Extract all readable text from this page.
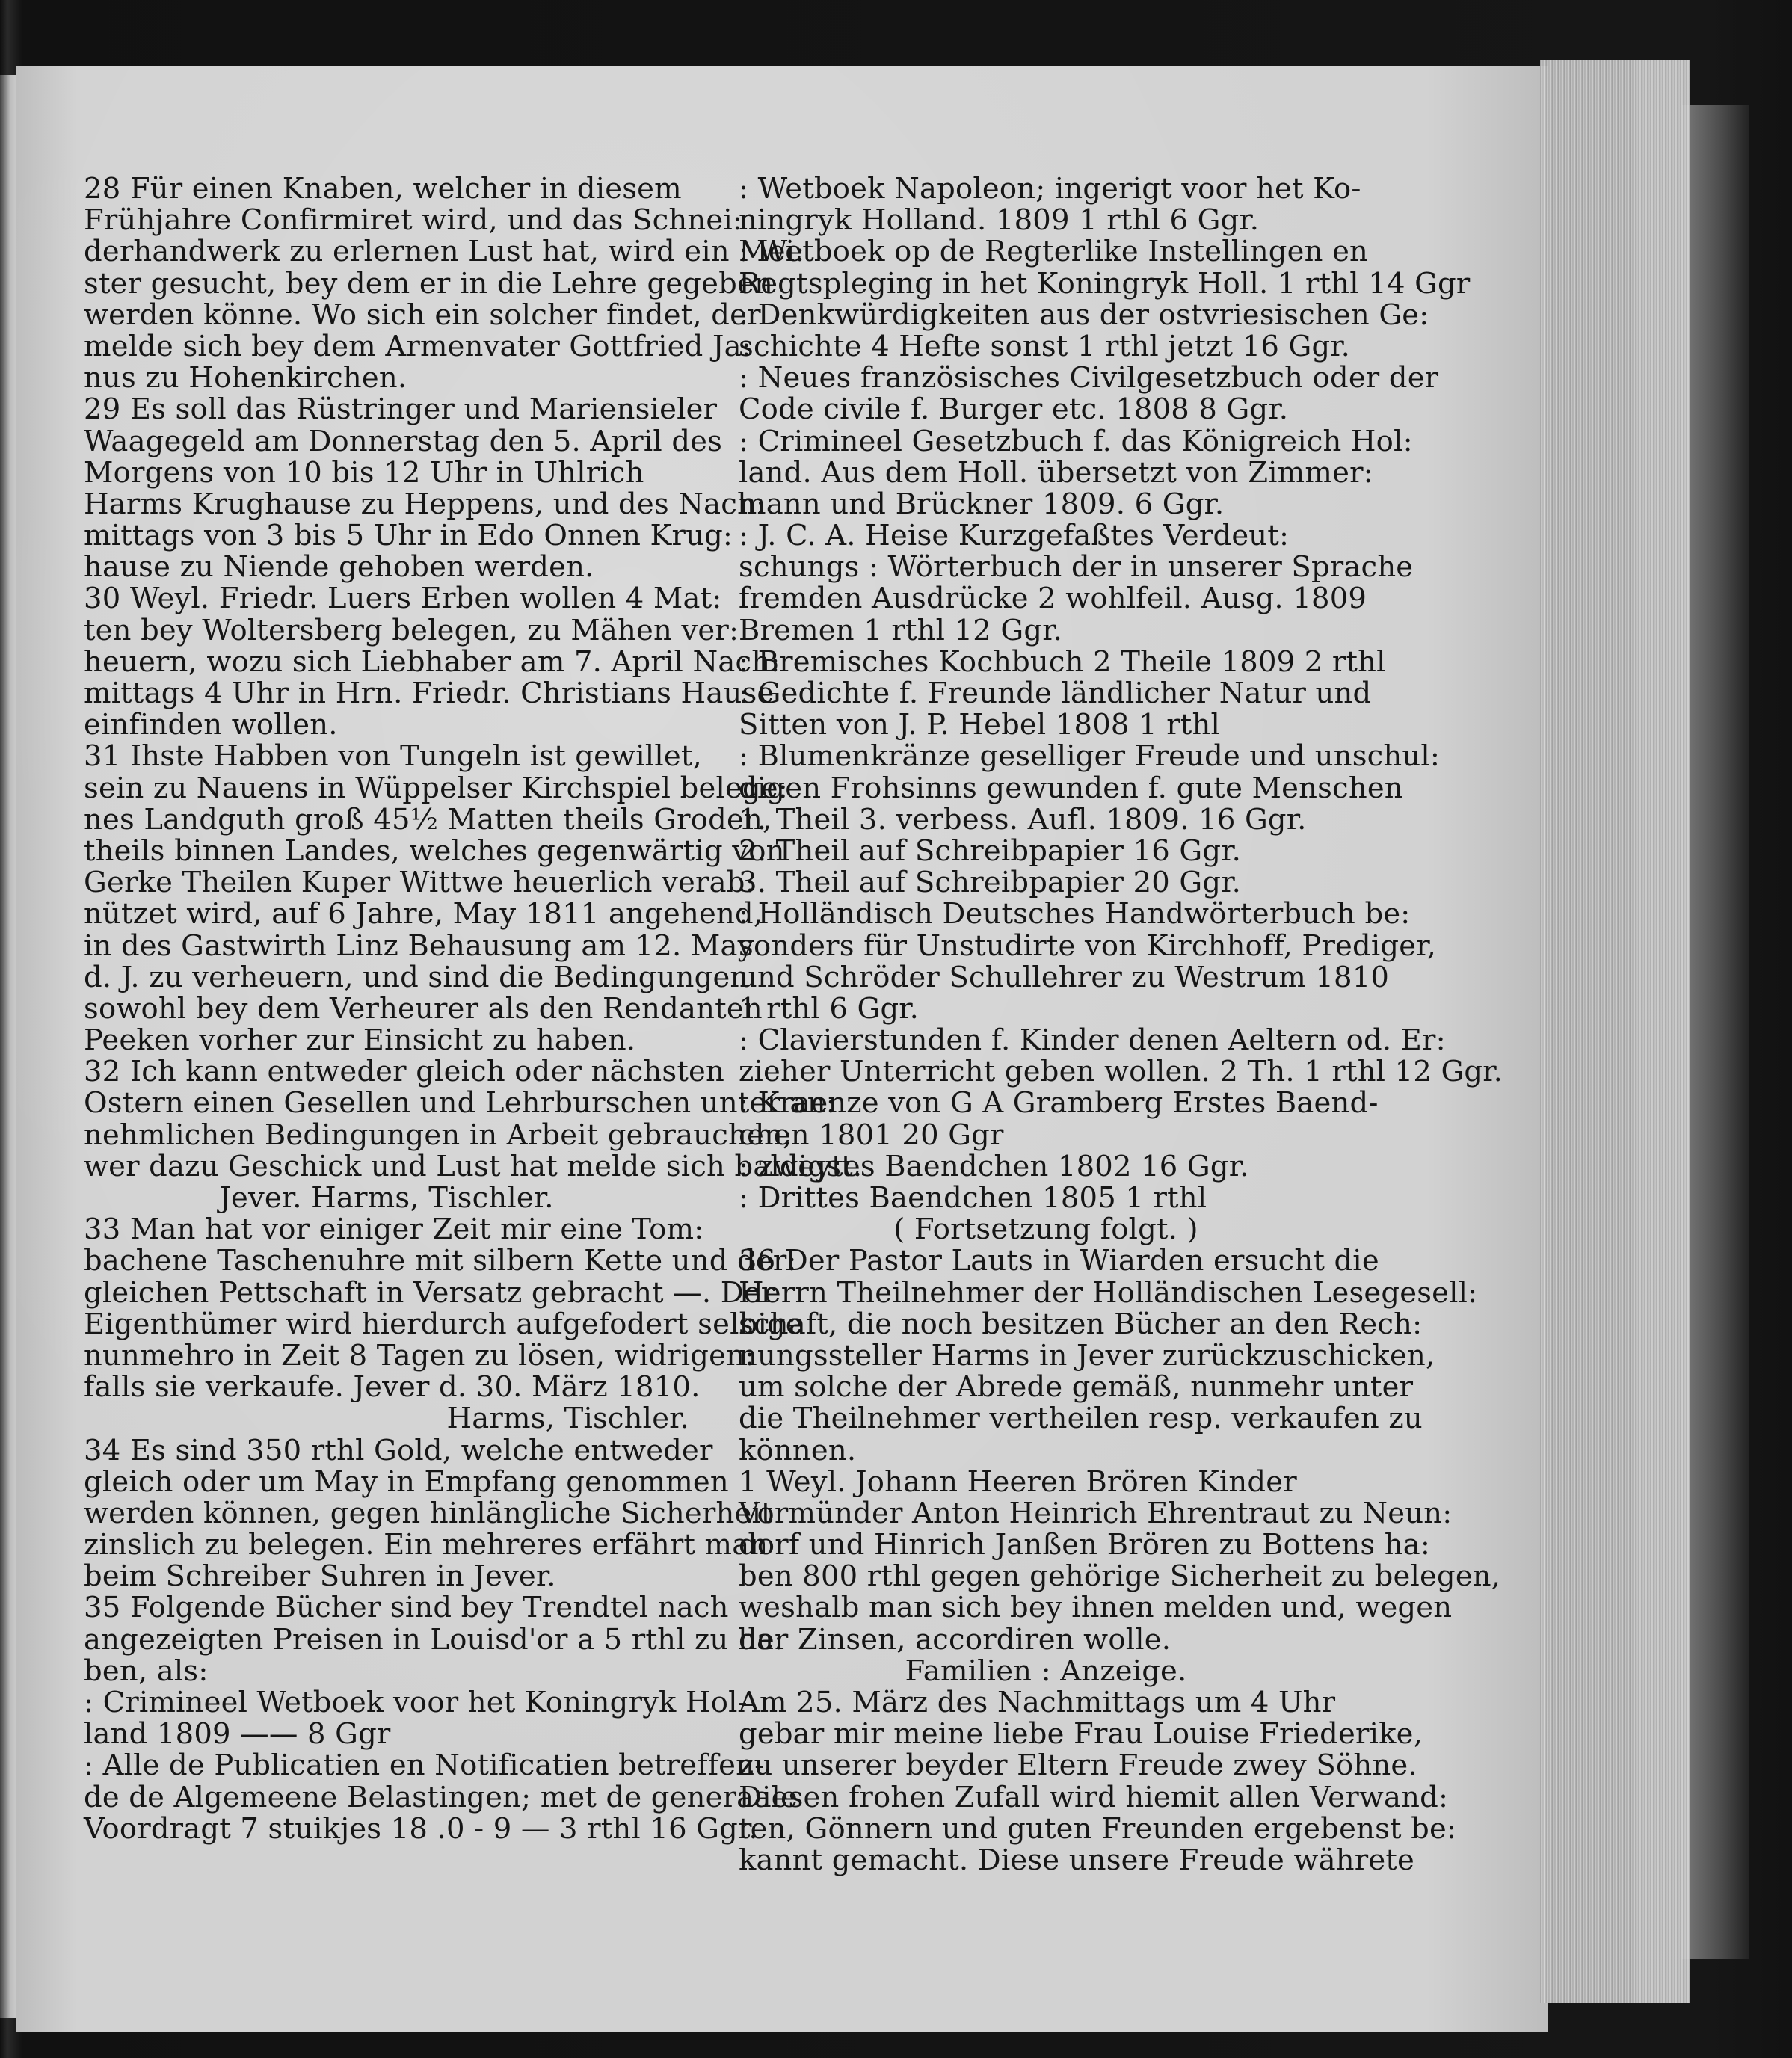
28 Für einen Knaben, welcher in diesem
Frühjahre Confirmiret wird, und das Schnei:
derhandwerk zu erlernen Lust hat, wird ein Mei:
ster gesucht, bey dem er in die Lehre gegeben
werden könne. Wo sich ein solcher findet, der
melde sich bey dem Armenvater Gottfried Ja:
nus zu Hohenkirchen.
29 Es soll das Rüstringer und Mariensieler
Waagegeld am Donnerstag den 5. April des
Morgens von 10 bis 12 Uhr in Uhlrich
Harms Krughause zu Heppens, und des Nach:
mittags von 3 bis 5 Uhr in Edo Onnen Krug:
hause zu Niende gehoben werden.
30 Weyl. Friedr. Luers Erben wollen 4 Mat:
ten bey Woltersberg belegen, zu Mähen ver:
heuern, wozu sich Liebhaber am 7. April Nach:
mittags 4 Uhr in Hrn. Friedr. Christians Hause
einfinden wollen.
31 Ihste Habben von Tungeln ist gewillet,
sein zu Nauens in Wüppelser Kirchspiel belege:
nes Landguth groß 45½ Matten theils Groden,
theils binnen Landes, welches gegenwärtig von
Gerke Theilen Kuper Wittwe heuerlich verab:
nützet wird, auf 6 Jahre, May 1811 angehend,
in des Gastwirth Linz Behausung am 12. May
d. J. zu verheuern, und sind die Bedingungen
sowohl bey dem Verheurer als den Rendanten
Peeken vorher zur Einsicht zu haben.
32 Ich kann entweder gleich oder nächsten
Ostern einen Gesellen und Lehrburschen unter an:
nehmlichen Bedingungen in Arbeit gebrauchen;
wer dazu Geschick und Lust hat melde sich baldigst.
Jever. Harms, Tischler.
33 Man hat vor einiger Zeit mir eine Tom:
bachene Taschenuhre mit silbern Kette und der:
gleichen Pettschaft in Versatz gebracht —. Der
Eigenthümer wird hierdurch aufgefodert selbige
nunmehro in Zeit 8 Tagen zu lösen, widrigen:
falls sie verkaufe. Jever d. 30. März 1810.
Harms, Tischler.
34 Es sind 350 rthl Gold, welche entweder
gleich oder um May in Empfang genommen
werden können, gegen hinlängliche Sicherheit
zinslich zu belegen. Ein mehreres erfährt man
beim Schreiber Suhren in Jever.
35 Folgende Bücher sind bey Trendtel nach
angezeigten Preisen in Louisd'or a 5 rthl zu ha:
ben, als:
: Crimineel Wetboek voor het Koningryk Hol-
land 1809 —— 8 Ggr
: Alle de Publicatien en Notificatien betreffen-
de de Algemeene Belastingen; met de generaale
Voordragt 7 stuikjes 18 .0 - 9 — 3 rthl 16 Ggr.
: Wetboek Napoleon; ingerigt voor het Ko-
ningryk Holland. 1809 1 rthl 6 Ggr.
: Wetboek op de Regterlike Instellingen en
Regtspleging in het Koningryk Holl. 1 rthl 14 Ggr
: Denkwürdigkeiten aus der ostvriesischen Ge:
schichte 4 Hefte sonst 1 rthl jetzt 16 Ggr.
: Neues französisches Civilgesetzbuch oder der
Code civile f. Burger etc. 1808 8 Ggr.
: Crimineel Gesetzbuch f. das Königreich Hol:
land. Aus dem Holl. übersetzt von Zimmer:
mann und Brückner 1809. 6 Ggr.
: J. C. A. Heise Kurzgefaßtes Verdeut:
schungs : Wörterbuch der in unserer Sprache
fremden Ausdrücke 2 wohlfeil. Ausg. 1809
Bremen 1 rthl 12 Ggr.
: Bremisches Kochbuch 2 Theile 1809 2 rthl
: Gedichte f. Freunde ländlicher Natur und
Sitten von J. P. Hebel 1808 1 rthl
: Blumenkränze geselliger Freude und unschul:
digen Frohsinns gewunden f. gute Menschen
1. Theil 3. verbess. Aufl. 1809. 16 Ggr.
2. Theil auf Schreibpapier 16 Ggr.
3. Theil auf Schreibpapier 20 Ggr.
: Holländisch Deutsches Handwörterbuch be:
sonders für Unstudirte von Kirchhoff, Prediger,
und Schröder Schullehrer zu Westrum 1810
1 rthl 6 Ggr.
: Clavierstunden f. Kinder denen Aeltern od. Er:
zieher Unterricht geben wollen. 2 Th. 1 rthl 12 Ggr.
: Kraenze von G A Gramberg Erstes Baend-
chen 1801 20 Ggr
: zweytes Baendchen 1802 16 Ggr.
: Drittes Baendchen 1805 1 rthl
( Fortsetzung folgt. )
36 Der Pastor Lauts in Wiarden ersucht die
Herrn Theilnehmer der Holländischen Lesegesell:
schaft, die noch besitzen Bücher an den Rech:
nungssteller Harms in Jever zurückzuschicken,
um solche der Abrede gemäß, nunmehr unter
die Theilnehmer vertheilen resp. verkaufen zu
können.
1 Weyl. Johann Heeren Brören Kinder
Vormünder Anton Heinrich Ehrentraut zu Neun:
dorf und Hinrich Janßen Brören zu Bottens ha:
ben 800 rthl gegen gehörige Sicherheit zu belegen,
weshalb man sich bey ihnen melden und, wegen
der Zinsen, accordiren wolle.
Familien : Anzeige.
Am 25. März des Nachmittags um 4 Uhr
gebar mir meine liebe Frau Louise Friederike,
zu unserer beyder Eltern Freude zwey Söhne.
Diesen frohen Zufall wird hiemit allen Verwand:
ten, Gönnern und guten Freunden ergebenst be:
kannt gemacht. Diese unsere Freude währete
